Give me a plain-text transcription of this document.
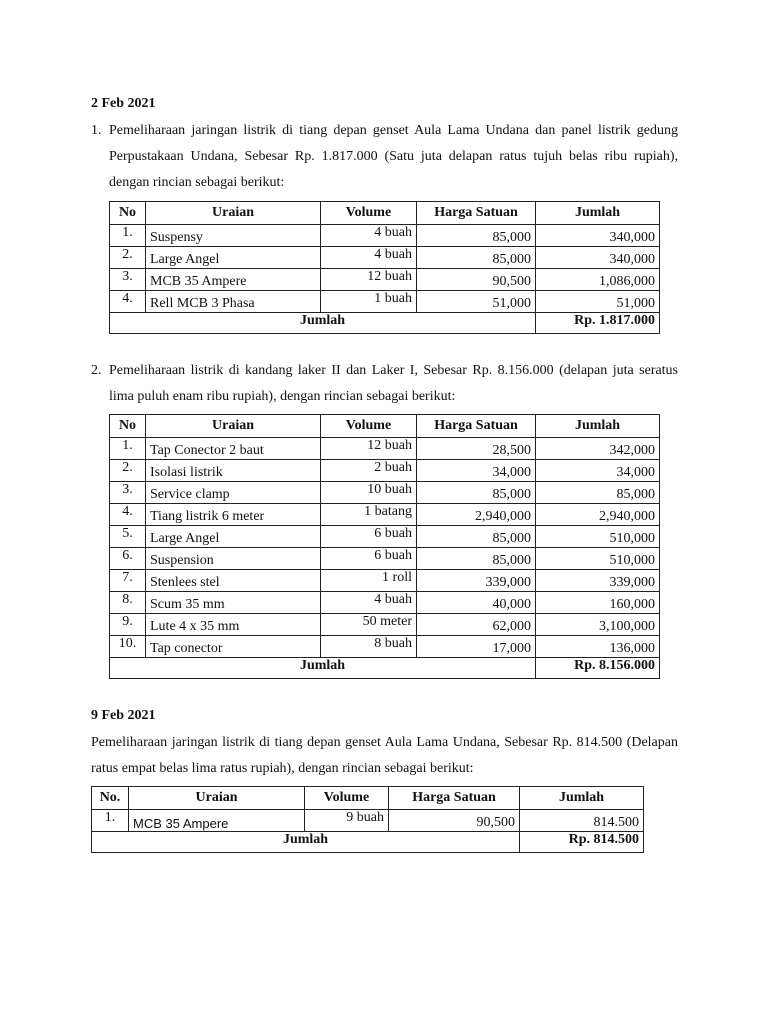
2 Feb 2021
1. Pemeliharaan jaringan listrik di tiang depan genset Aula Lama Undana dan panel listrik gedung Perpustakaan Undana, Sebesar Rp. 1.817.000 (Satu juta delapan ratus tujuh belas ribu rupiah), dengan rincian sebagai berikut:
No	Uraian	Volume	Harga Satuan	Jumlah
1.	Suspensy	4 buah	85,000	340,000
2.	Large Angel	4 buah	85,000	340,000
3.	MCB 35 Ampere	12 buah	90,500	1,086,000
4.	Rell MCB 3 Phasa	1 buah	51,000	51,000
Jumlah				Rp. 1.817.000
2. Pemeliharaan listrik di kandang laker II dan Laker I, Sebesar Rp. 8.156.000 (delapan juta seratus lima puluh enam ribu rupiah), dengan rincian sebagai berikut:
No	Uraian	Volume	Harga Satuan	Jumlah
1.	Tap Conector 2 baut	12 buah	28,500	342,000
2.	Isolasi listrik	2 buah	34,000	34,000
3.	Service clamp	10 buah	85,000	85,000
4.	Tiang listrik 6 meter	1 batang	2,940,000	2,940,000
5.	Large Angel	6 buah	85,000	510,000
6.	Suspension	6 buah	85,000	510,000
7.	Stenlees stel	1 roll	339,000	339,000
8.	Scum 35 mm	4 buah	40,000	160,000
9.	Lute 4 x 35 mm	50 meter	62,000	3,100,000
10.	Tap conector	8 buah	17,000	136,000
Jumlah				Rp. 8.156.000
9 Feb 2021
Pemeliharaan jaringan listrik di tiang depan genset Aula Lama Undana, Sebesar Rp. 814.500 (Delapan ratus empat belas lima ratus rupiah), dengan rincian sebagai berikut:
No.	Uraian	Volume	Harga Satuan	Jumlah
1.	MCB 35 Ampere	9 buah	90,500	814.500
Jumlah				Rp. 814.500
